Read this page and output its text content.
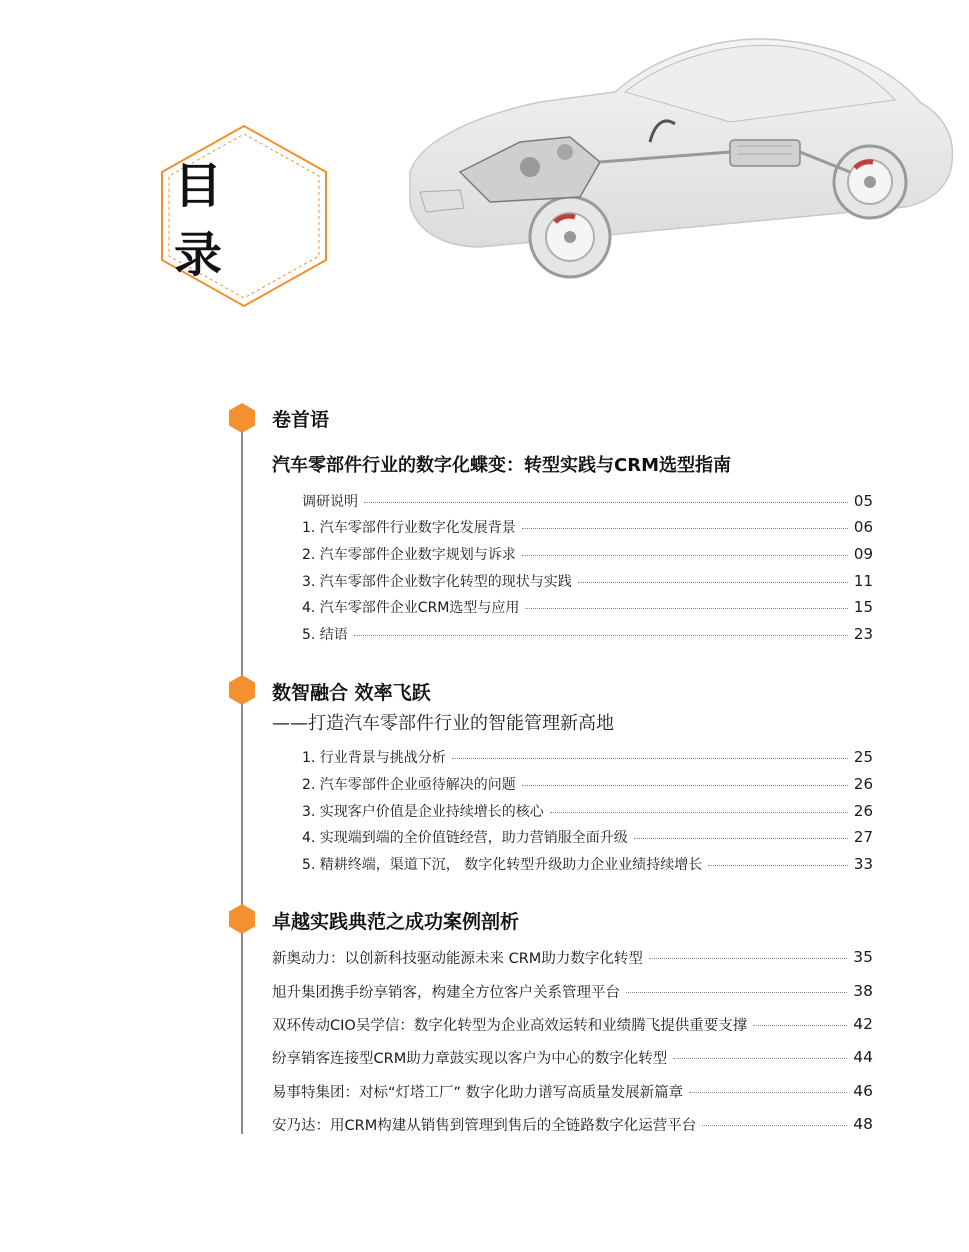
目 录
卷首语
汽车零部件行业的数字化蝶变：转型实践与CRM选型指南
调研说明	05
1. 汽车零部件行业数字化发展背景	06
2. 汽车零部件企业数字规划与诉求	09
3. 汽车零部件企业数字化转型的现状与实践	11
4. 汽车零部件企业CRM选型与应用	15
5. 结语	23
数智融合 效率飞跃
——打造汽车零部件行业的智能管理新高地
1. 行业背景与挑战分析	25
2. 汽车零部件企业亟待解决的问题	26
3. 实现客户价值是企业持续增长的核心	26
4. 实现端到端的全价值链经营，助力营销服全面升级	27
5. 精耕终端，渠道下沉， 数字化转型升级助力企业业绩持续增长	33
卓越实践典范之成功案例剖析
新奥动力：以创新科技驱动能源未来 CRM助力数字化转型	35
旭升集团携手纷享销客，构建全方位客户关系管理平台	38
双环传动CIO吴学信：数字化转型为企业高效运转和业绩腾飞提供重要支撑	42
纷享销客连接型CRM助力章鼓实现以客户为中心的数字化转型	44
易事特集团：对标“灯塔工厂” 数字化助力谱写高质量发展新篇章	46
安乃达：用CRM构建从销售到管理到售后的全链路数字化运营平台	48
